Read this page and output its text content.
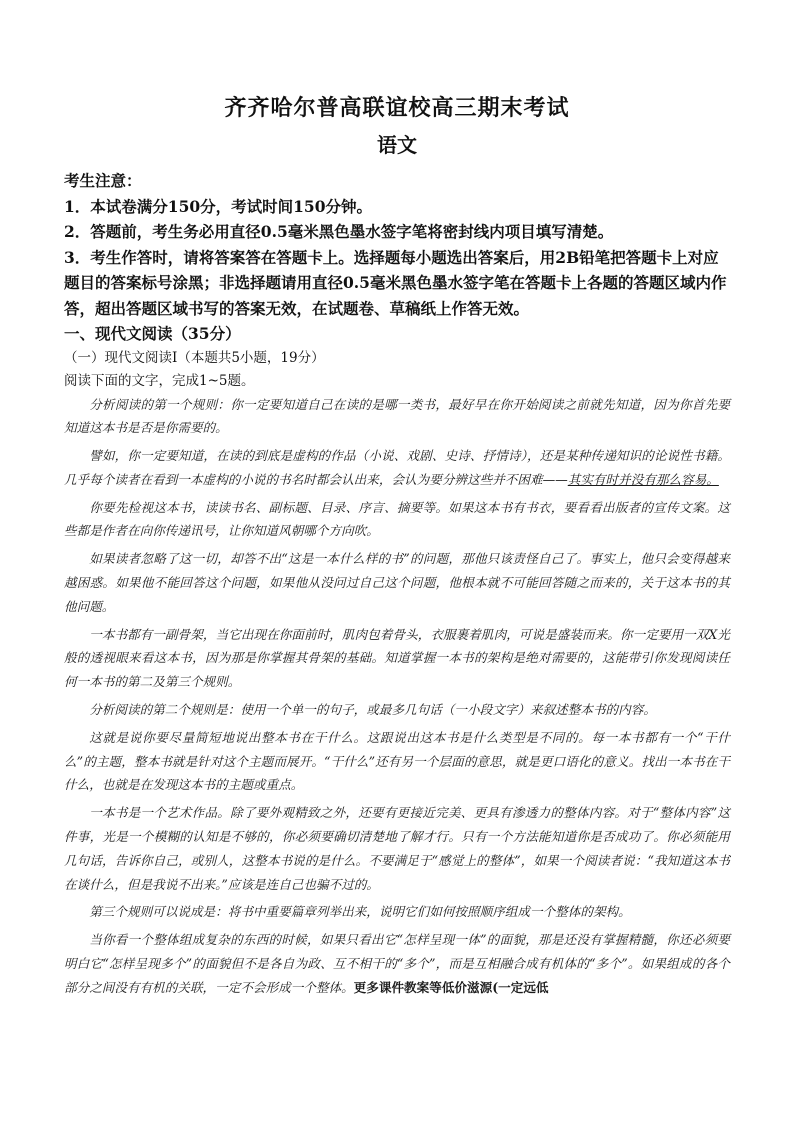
齐齐哈尔普高联谊校高三期末考试
语文

考生注意：

1．本试卷满分150分，考试时间150分钟。

2．答题前，考生务必用直径0.5毫米黑色墨水签字笔将密封线内项目填写清楚。

3．考生作答时，请将答案答在答题卡上。选择题每小题选出答案后，用2B铅笔把答题卡上对应题目的答案标号涂黑；非选择题请用直径0.5毫米黑色墨水签字笔在答题卡上各题的答题区域内作答，超出答题区域书写的答案无效，在试题卷、草稿纸上作答无效。

一、现代文阅读（35分）

（一）现代文阅读Ⅰ（本题共5小题，19分）

阅读下面的文字，完成1~5题。

分析阅读的第一个规则：你一定要知道自己在读的是哪一类书，最好早在你开始阅读之前就先知道，因为你首先要知道这本书是否是你需要的。

譬如，你一定要知道，在读的到底是虚构的作品（小说、戏剧、史诗、抒情诗），还是某种传递知识的论说性书籍。几乎每个读者在看到一本虚构的小说的书名时都会认出来，会认为要分辨这些并不困难——其实有时并没有那么容易。

你要先检视这本书，读读书名、副标题、目录、序言、摘要等。如果这本书有书衣，要看看出版者的宣传文案。这些都是作者在向你传递讯号，让你知道风朝哪个方向吹。

如果读者忽略了这一切，却答不出“这是一本什么样的书”的问题，那他只该责怪自己了。事实上，他只会变得越来越困惑。如果他不能回答这个问题，如果他从没问过自己这个问题，他根本就不可能回答随之而来的，关于这本书的其他问题。

一本书都有一副骨架，当它出现在你面前时，肌肉包着骨头，衣服裹着肌肉，可说是盛装而来。你一定要用一双X光般的透视眼来看这本书，因为那是你掌握其骨架的基础。知道掌握一本书的架构是绝对需要的，这能带引你发现阅读任何一本书的第二及第三个规则。

分析阅读的第二个规则是：使用一个单一的句子，或最多几句话（一小段文字）来叙述整本书的内容。

这就是说你要尽量简短地说出整本书在干什么。这跟说出这本书是什么类型是不同的。每一本书都有一个“干什么”的主题，整本书就是针对这个主题而展开。“干什么”还有另一个层面的意思，就是更口语化的意义。找出一本书在干什么，也就是在发现这本书的主题或重点。

一本书是一个艺术作品。除了要外观精致之外，还要有更接近完美、更具有渗透力的整体内容。对于“整体内容”这件事，光是一个模糊的认知是不够的，你必须要确切清楚地了解才行。只有一个方法能知道你是否成功了。你必须能用几句话，告诉你自己，或别人，这整本书说的是什么。不要满足于“感觉上的整体”，如果一个阅读者说：“我知道这本书在谈什么，但是我说不出来。”应该是连自己也骗不过的。

第三个规则可以说成是：将书中重要篇章列举出来，说明它们如何按照顺序组成一个整体的架构。

当你看一个整体组成复杂的东西的时候，如果只看出它“怎样呈现一体”的面貌，那是还没有掌握精髓，你还必须要明白它“怎样呈现多个”的面貌但不是各自为政、互不相干的“多个”，而是互相融合成有机体的“多个”。如果组成的各个部分之间没有有机的关联，一定不会形成一个整体。更多课件教案等低价滋源(一定远低
